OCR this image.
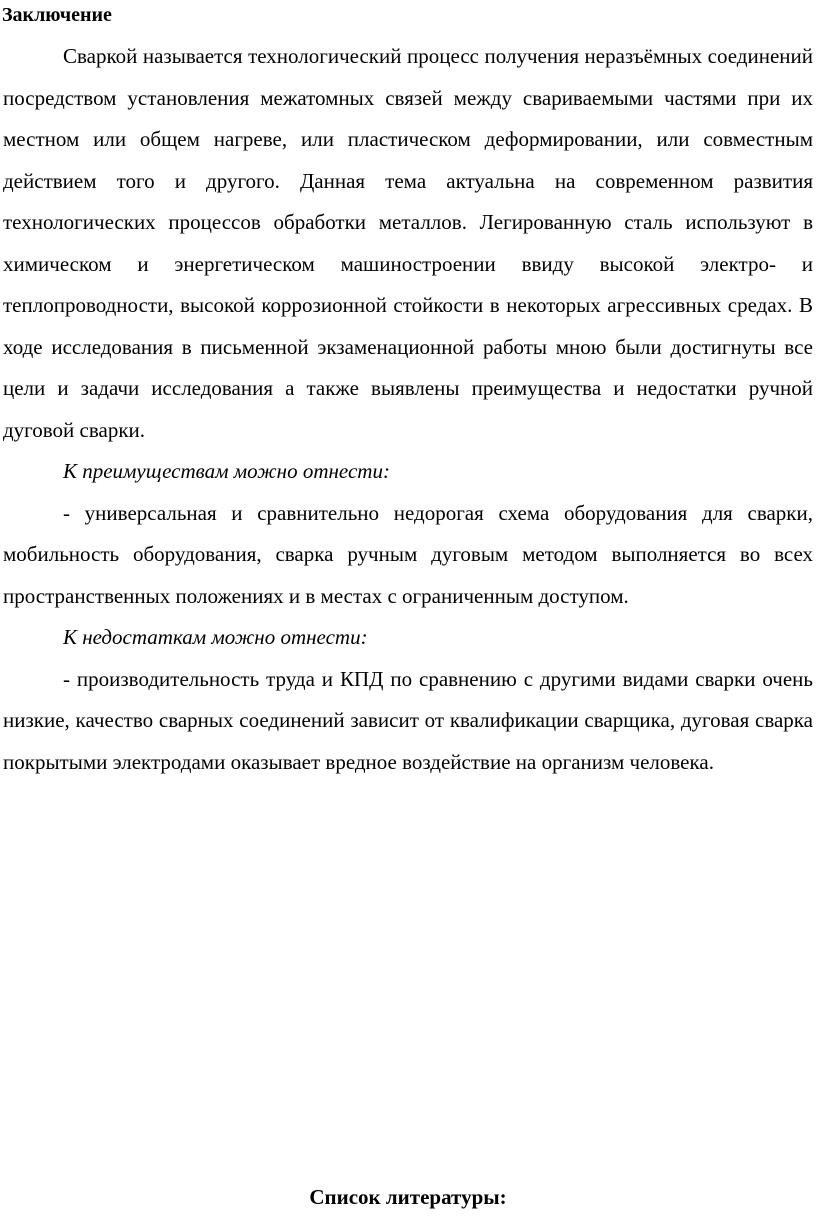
Заключение

Сваркой называется технологический процесс получения неразъёмных соединений посредством установления межатомных связей между свариваемыми частями при их местном или общем нагреве, или пластическом деформировании, или совместным действием того и другого. Данная тема актуальна на современном развития технологических процессов обработки металлов. Легированную сталь используют в химическом и энергетическом машиностроении ввиду высокой электро- и теплопроводности, высокой коррозионной стойкости в некоторых агрессивных средах. В ходе исследования в письменной экзаменационной работы мною были достигнуты все цели и задачи исследования а также выявлены преимущества и недостатки ручной дуговой сварки.

К преимуществам можно отнести:

- универсальная и сравнительно недорогая схема оборудования для сварки, мобильность оборудования, сварка ручным дуговым методом выполняется во всех пространственных положениях и в местах с ограниченным доступом.

К недостаткам можно отнести:

- производительность труда и КПД по сравнению с другими видами сварки очень низкие, качество сварных соединений зависит от квалификации сварщика, дуговая сварка покрытыми электродами оказывает вредное воздействие на организм человека.

Список литературы:
